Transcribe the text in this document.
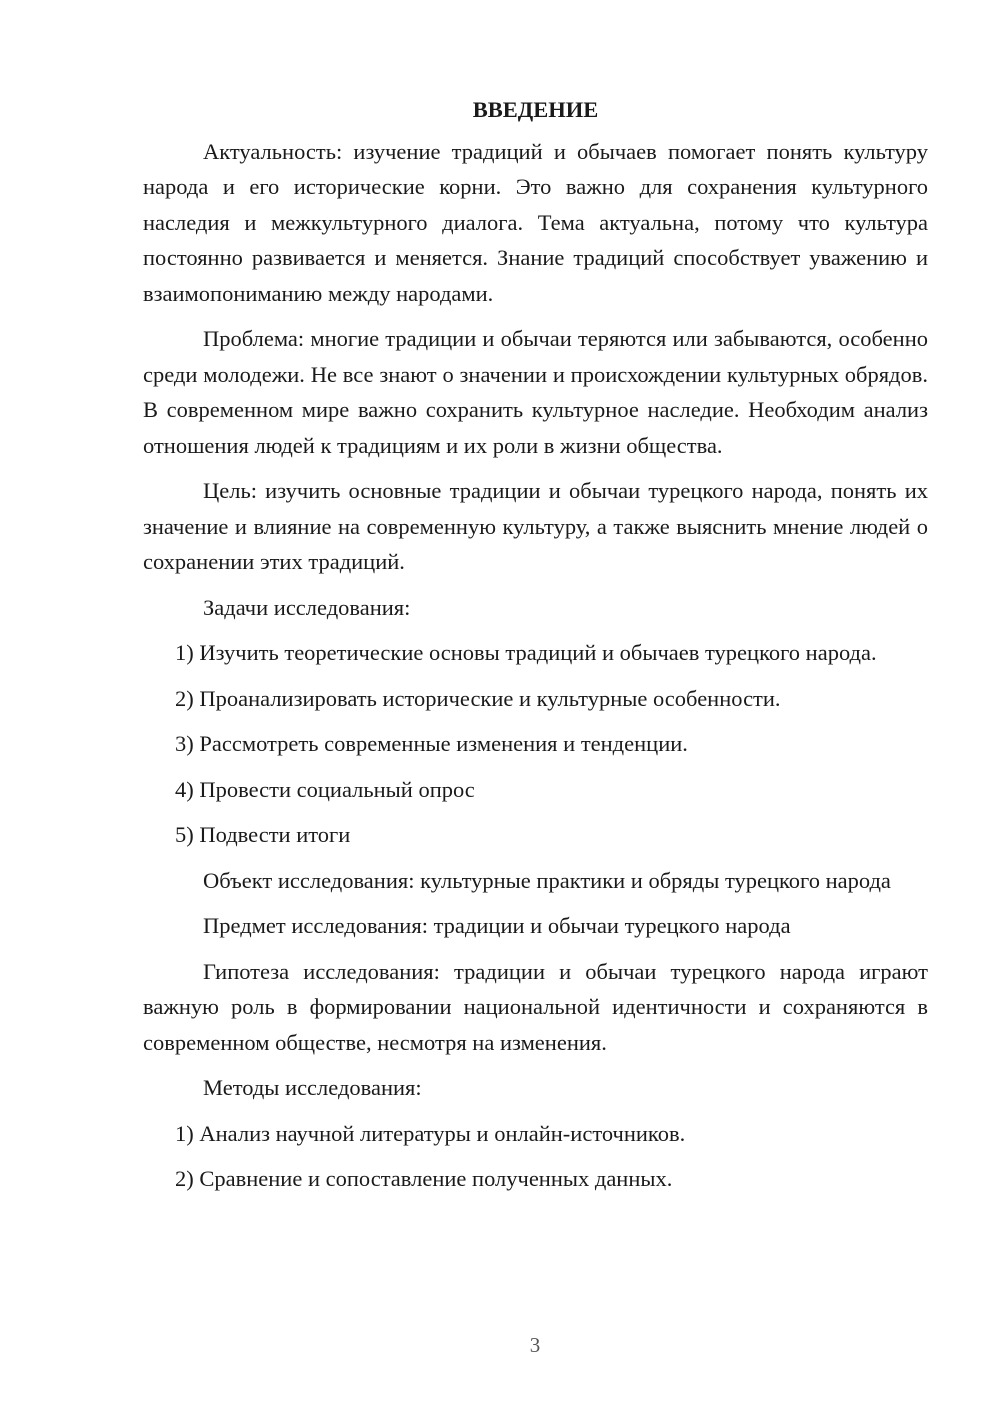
ВВЕДЕНИЕ

Актуальность: изучение традиций и обычаев помогает понять культуру народа и его исторические корни. Это важно для сохранения культурного наследия и межкультурного диалога. Тема актуальна, потому что культура постоянно развивается и меняется. Знание традиций способствует уважению и взаимопониманию между народами.

Проблема: многие традиции и обычаи теряются или забываются, особенно среди молодежи. Не все знают о значении и происхождении культурных обрядов. В современном мире важно сохранить культурное наследие. Необходим анализ отношения людей к традициям и их роли в жизни общества.

Цель: изучить основные традиции и обычаи турецкого народа, понять их значение и влияние на современную культуру, а также выяснить мнение людей о сохранении этих традиций.

Задачи исследования:

1) Изучить теоретические основы традиций и обычаев турецкого народа.

2) Проанализировать исторические и культурные особенности.

3) Рассмотреть современные изменения и тенденции.

4) Провести социальный опрос

5) Подвести итоги

Объект исследования: культурные практики и обряды турецкого народа

Предмет исследования: традиции и обычаи турецкого народа

Гипотеза исследования: традиции и обычаи турецкого народа играют важную роль в формировании национальной идентичности и сохраняются в современном обществе, несмотря на изменения.

Методы исследования:

1) Анализ научной литературы и онлайн-источников.

2) Сравнение и сопоставление полученных данных.

3
